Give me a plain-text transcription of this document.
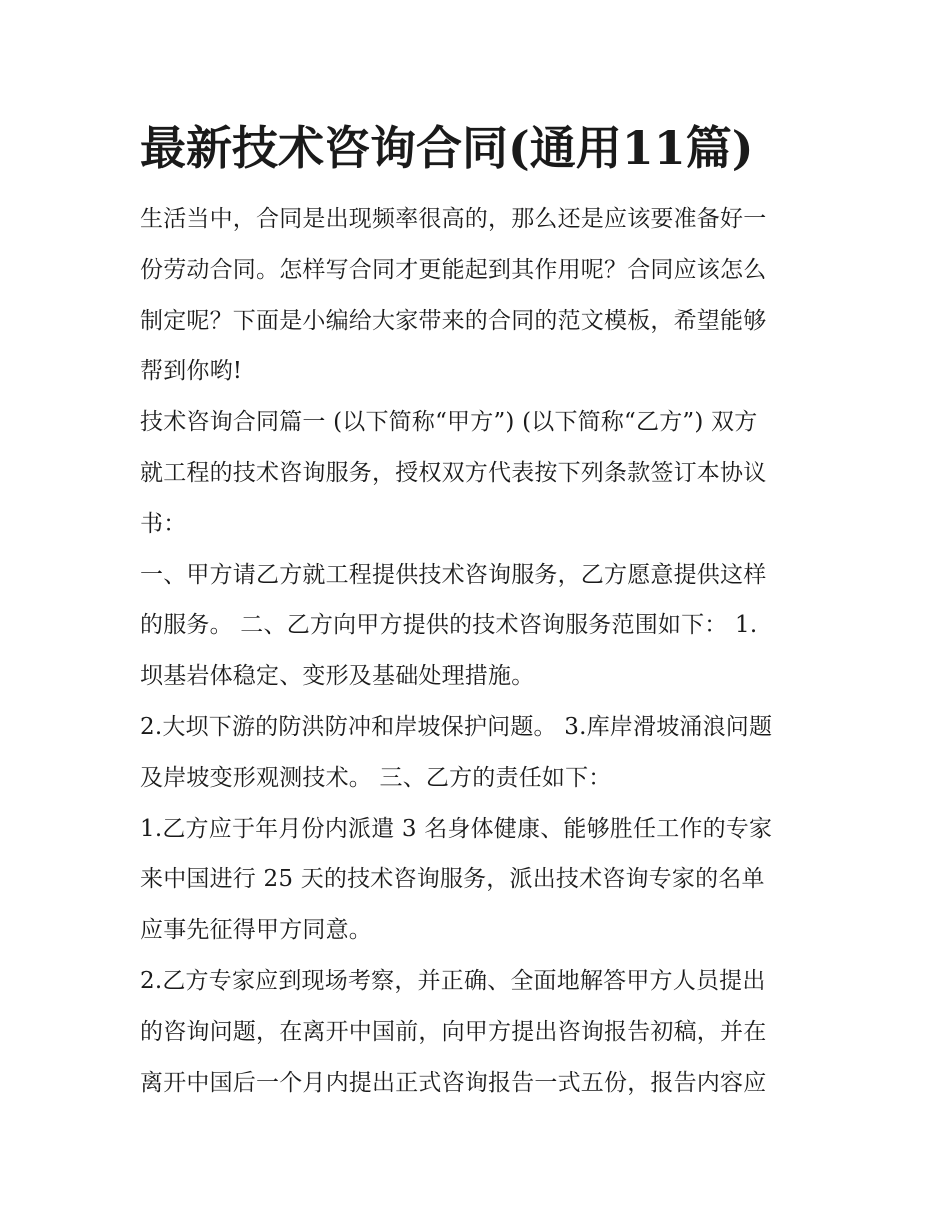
最新技术咨询合同(通用11篇)
生活当中，合同是出现频率很高的，那么还是应该要准备好一
份劳动合同。怎样写合同才更能起到其作用呢？合同应该怎么
制定呢？下面是小编给大家带来的合同的范文模板，希望能够
帮到你哟!
技术咨询合同篇一 (以下简称“甲方”) (以下简称“乙方”) 双方
就工程的技术咨询服务，授权双方代表按下列条款签订本协议
书：
一、甲方请乙方就工程提供技术咨询服务，乙方愿意提供这样
的服务。 二、乙方向甲方提供的技术咨询服务范围如下： 1.
坝基岩体稳定、变形及基础处理措施。
2.大坝下游的防洪防冲和岸坡保护问题。 3.库岸滑坡涌浪问题
及岸坡变形观测技术。 三、乙方的责任如下：
1.乙方应于年月份内派遣 3 名身体健康、能够胜任工作的专家
来中国进行 25 天的技术咨询服务，派出技术咨询专家的名单
应事先征得甲方同意。
2.乙方专家应到现场考察，并正确、全面地解答甲方人员提出
的咨询问题，在离开中国前，向甲方提出咨询报告初稿，并在
离开中国后一个月内提出正式咨询报告一式五份，报告内容应
